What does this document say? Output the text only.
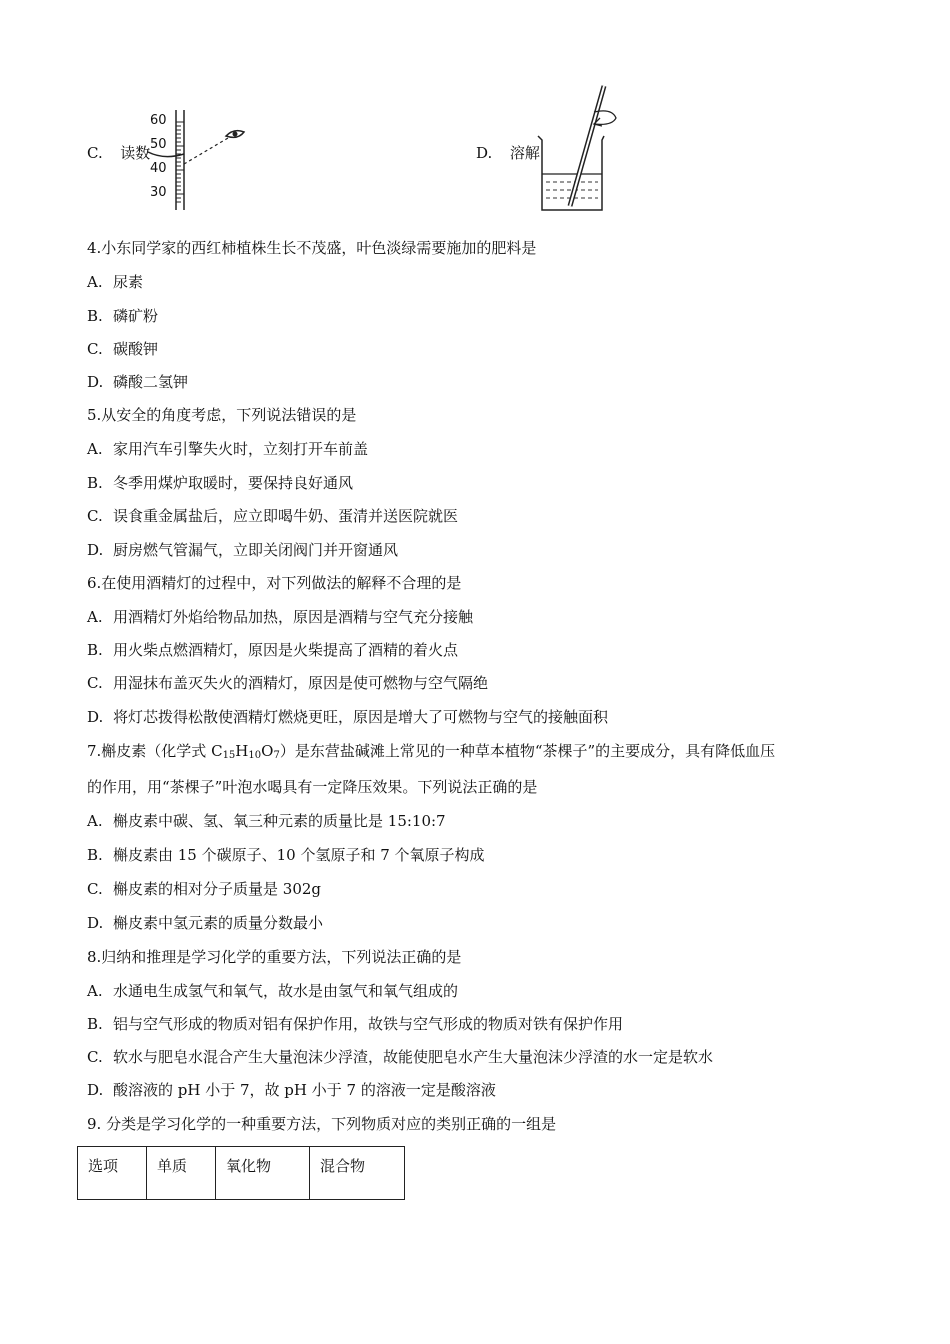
C. 读数
60
50
40
30
D. 溶解
4.小东同学家的西红柿植株生长不茂盛，叶色淡绿需要施加的肥料是
A. 尿素
B. 磷矿粉
C. 碳酸钾
D. 磷酸二氢钾
5.从安全的角度考虑，下列说法错误的是
A. 家用汽车引擎失火时，立刻打开车前盖
B. 冬季用煤炉取暖时，要保持良好通风
C. 误食重金属盐后，应立即喝牛奶、蛋清并送医院就医
D. 厨房燃气管漏气，立即关闭阀门并开窗通风
6.在使用酒精灯的过程中，对下列做法的解释不合理的是
A. 用酒精灯外焰给物品加热，原因是酒精与空气充分接触
B. 用火柴点燃酒精灯，原因是火柴提高了酒精的着火点
C. 用湿抹布盖灭失火的酒精灯，原因是使可燃物与空气隔绝
D. 将灯芯拨得松散使酒精灯燃烧更旺，原因是增大了可燃物与空气的接触面积
7.槲皮素（化学式 $C_{15}H_{10}O_7$）是东营盐碱滩上常见的一种草本植物“茶棵子”的主要成分，具有降低血压
的作用，用“茶棵子”叶泡水喝具有一定降压效果。下列说法正确的是
A. 槲皮素中碳、氢、氧三种元素的质量比是 15:10:7
B. 槲皮素由 15 个碳原子、10 个氢原子和 7 个氧原子构成
C. 槲皮素的相对分子质量是 302g
D. 槲皮素中氢元素的质量分数最小
8.归纳和推理是学习化学的重要方法，下列说法正确的是
A. 水通电生成氢气和氧气，故水是由氢气和氧气组成的
B. 铝与空气形成的物质对铝有保护作用，故铁与空气形成的物质对铁有保护作用
C. 软水与肥皂水混合产生大量泡沫少浮渣，故能使肥皂水产生大量泡沫少浮渣的水一定是软水
D. 酸溶液的 pH 小于 7，故 pH 小于 7 的溶液一定是酸溶液
9. 分类是学习化学的一种重要方法，下列物质对应的类别正确的一组是
选项	单质	氧化物	混合物
